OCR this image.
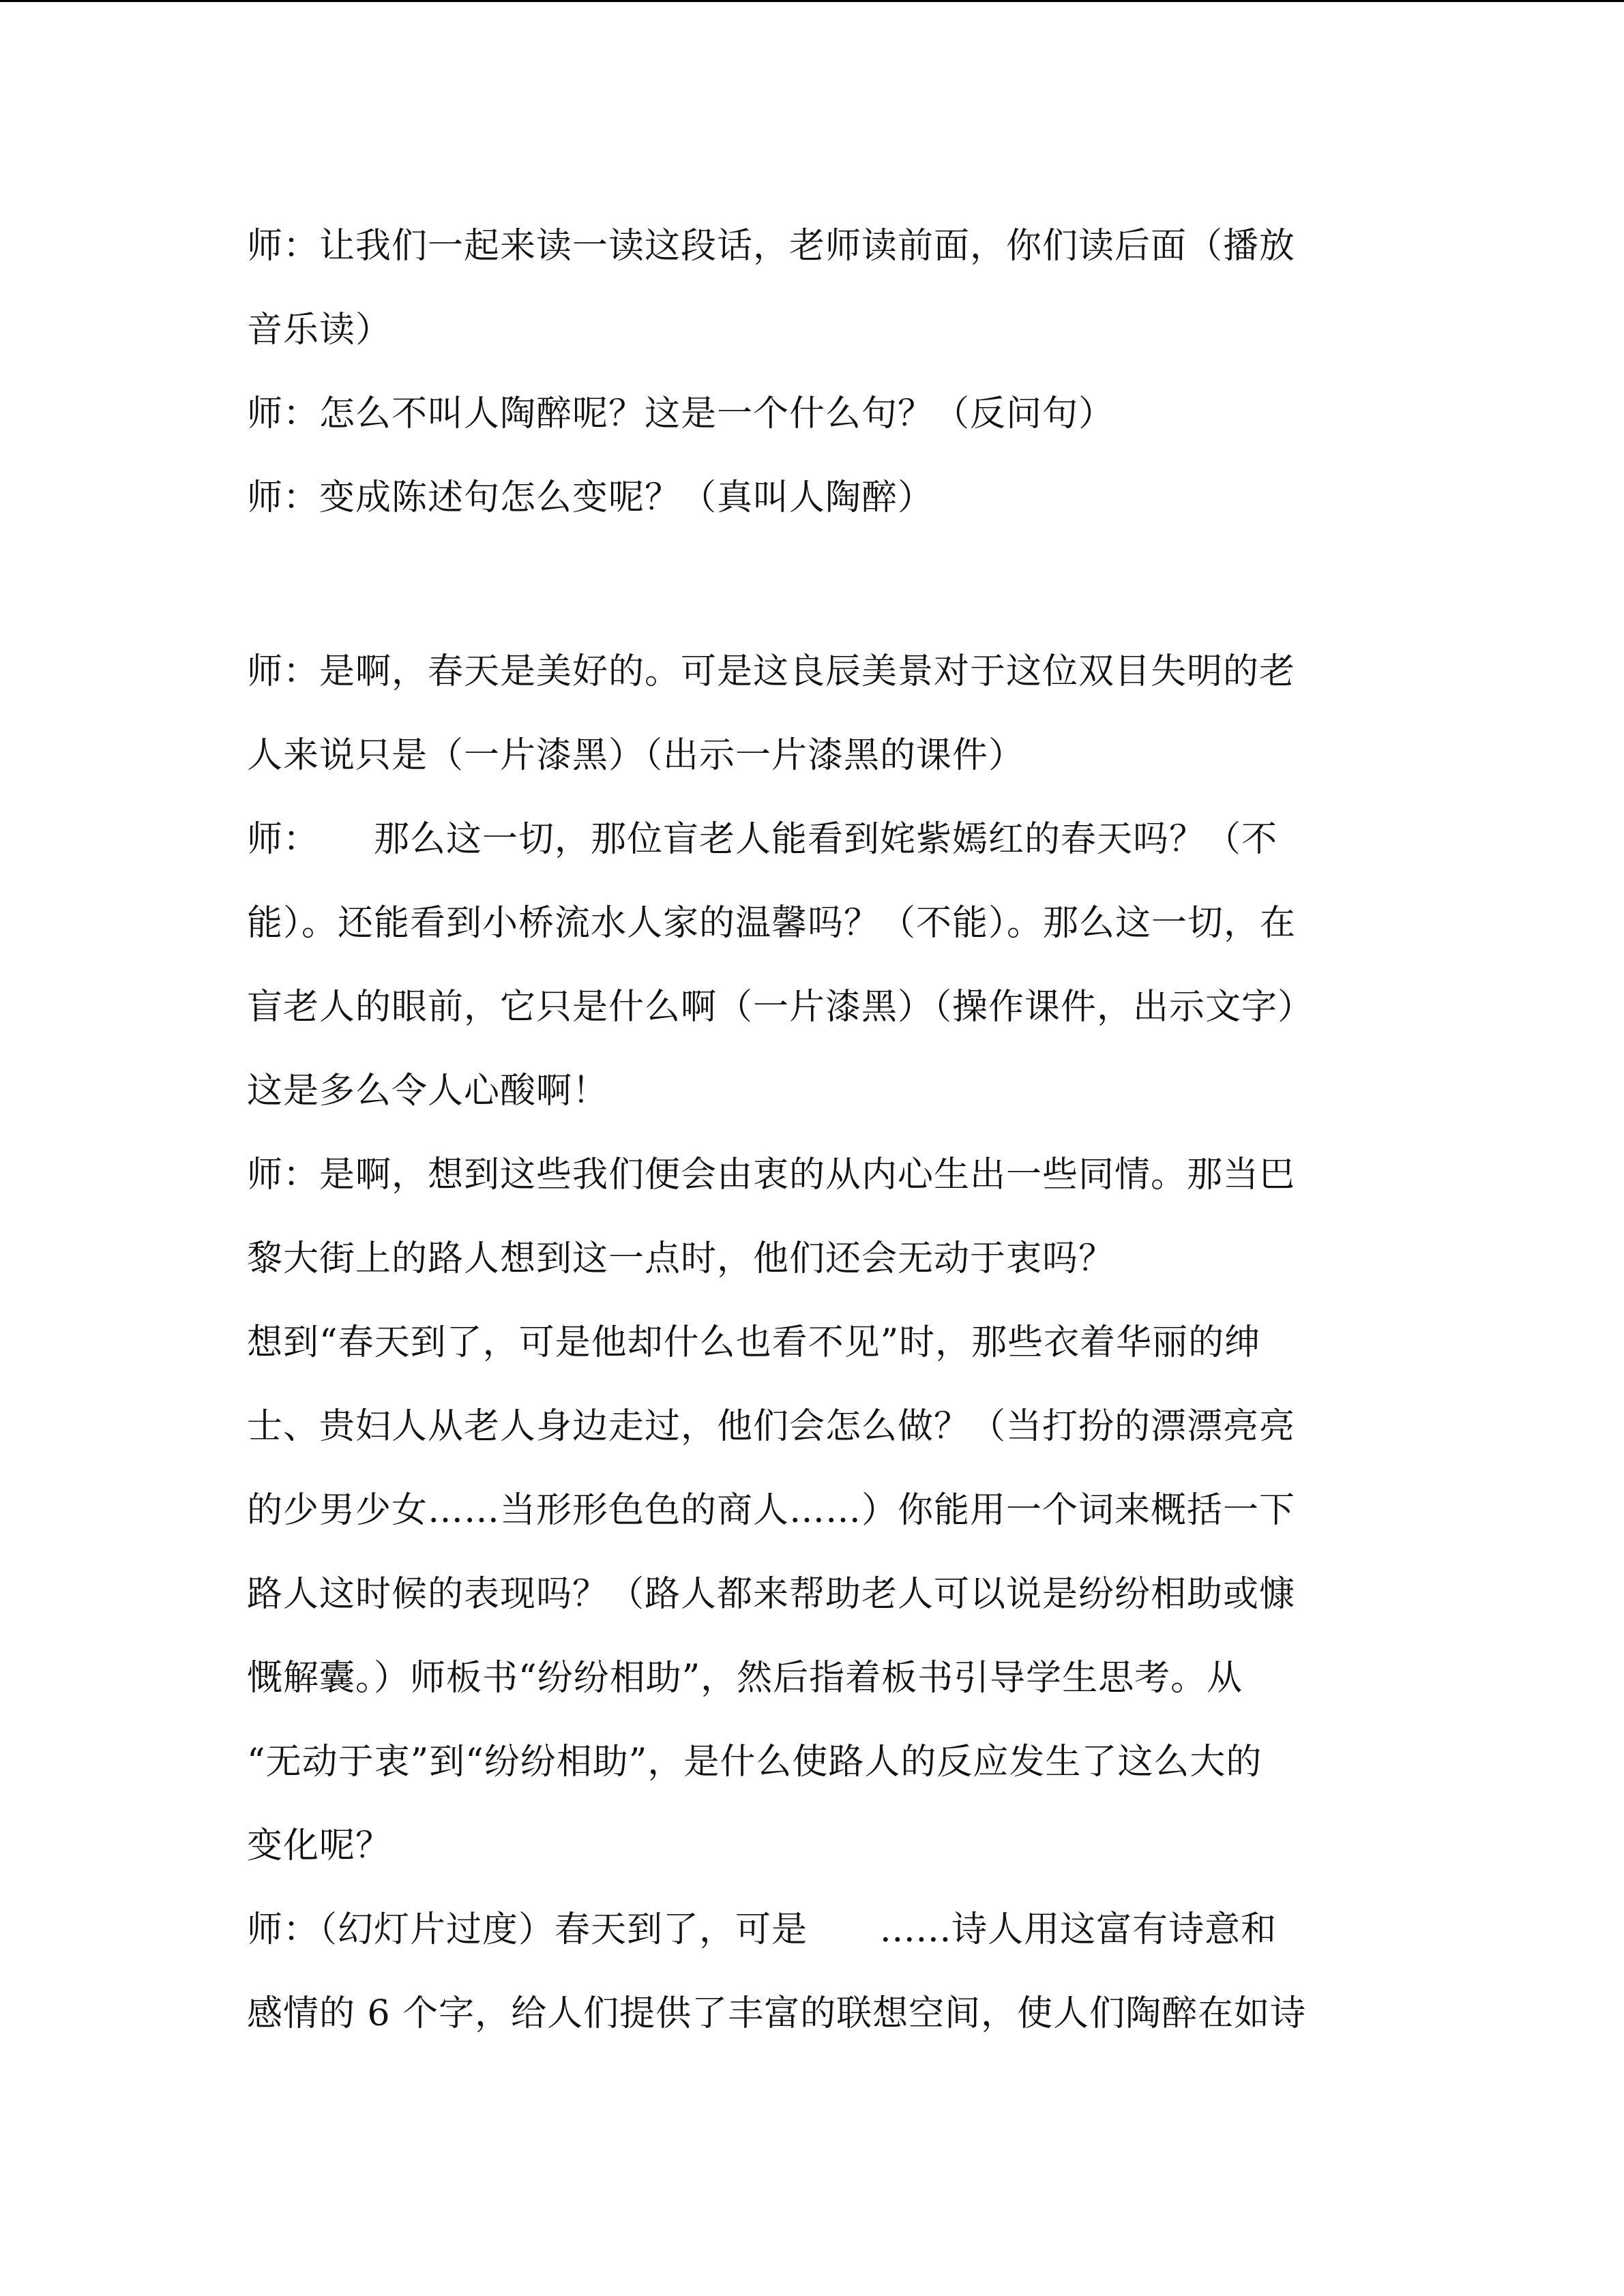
师：让我们一起来读一读这段话，老师读前面，你们读后面（播放
音乐读）
师：怎么不叫人陶醉呢？这是一个什么句？（反问句）
师：变成陈述句怎么变呢？（真叫人陶醉）
师：是啊，春天是美好的。可是这良辰美景对于这位双目失明的老
人来说只是（一片漆黑）（出示一片漆黑的课件）
师：　　那么这一切，那位盲老人能看到姹紫嫣红的春天吗？（不
能）。还能看到小桥流水人家的温馨吗？（不能）。那么这一切，在
盲老人的眼前，它只是什么啊（一片漆黑）（操作课件，出示文字）
这是多么令人心酸啊！
师：是啊，想到这些我们便会由衷的从内心生出一些同情。那当巴
黎大街上的路人想到这一点时，他们还会无动于衷吗？
想到“春天到了，可是他却什么也看不见”时，那些衣着华丽的绅
士、贵妇人从老人身边走过，他们会怎么做？（当打扮的漂漂亮亮
的少男少女……当形形色色的商人……）你能用一个词来概括一下
路人这时候的表现吗？（路人都来帮助老人可以说是纷纷相助或慷
慨解囊。）师板书“纷纷相助”，然后指着板书引导学生思考。从
“无动于衷”到“纷纷相助”，是什么使路人的反应发生了这么大的
变化呢？
师：（幻灯片过度）春天到了，可是　　......诗人用这富有诗意和
感情的 6 个字，给人们提供了丰富的联想空间，使人们陶醉在如诗
